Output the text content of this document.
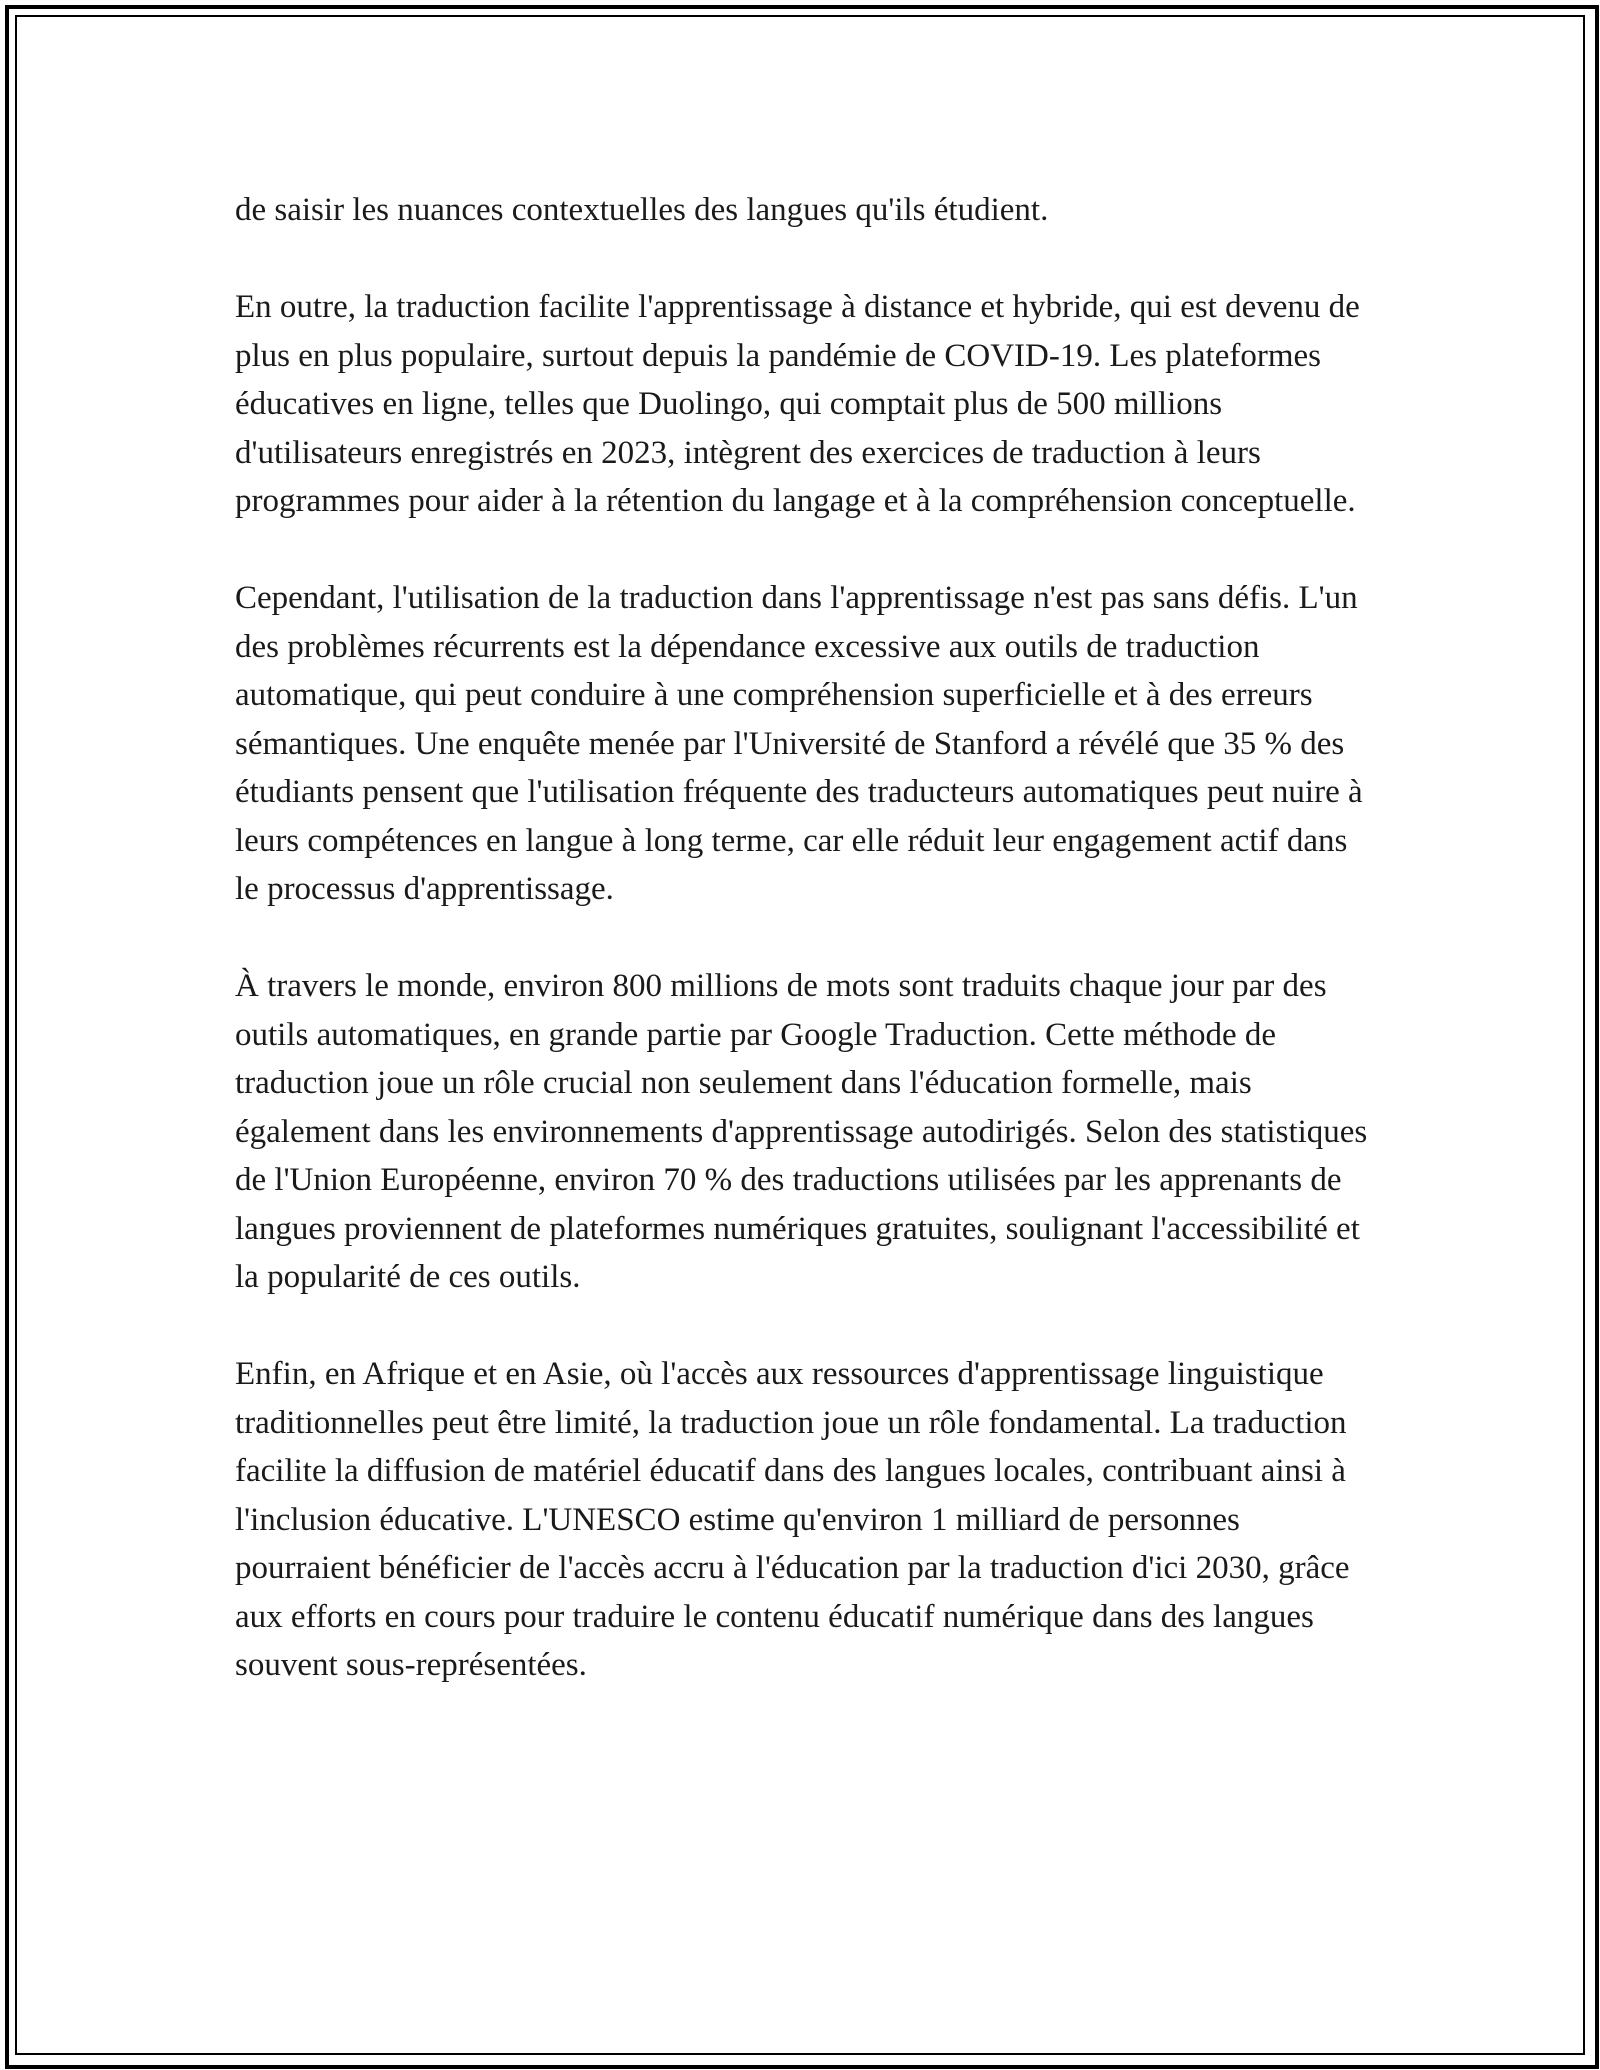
de saisir les nuances contextuelles des langues qu'ils étudient.

En outre, la traduction facilite l'apprentissage à distance et hybride, qui est devenu de plus en plus populaire, surtout depuis la pandémie de COVID-19. Les plateformes éducatives en ligne, telles que Duolingo, qui comptait plus de 500 millions d'utilisateurs enregistrés en 2023, intègrent des exercices de traduction à leurs programmes pour aider à la rétention du langage et à la compréhension conceptuelle.

Cependant, l'utilisation de la traduction dans l'apprentissage n'est pas sans défis. L'un des problèmes récurrents est la dépendance excessive aux outils de traduction automatique, qui peut conduire à une compréhension superficielle et à des erreurs sémantiques. Une enquête menée par l'Université de Stanford a révélé que 35 % des étudiants pensent que l'utilisation fréquente des traducteurs automatiques peut nuire à leurs compétences en langue à long terme, car elle réduit leur engagement actif dans le processus d'apprentissage.

À travers le monde, environ 800 millions de mots sont traduits chaque jour par des outils automatiques, en grande partie par Google Traduction. Cette méthode de traduction joue un rôle crucial non seulement dans l'éducation formelle, mais également dans les environnements d'apprentissage autodirigés. Selon des statistiques de l'Union Européenne, environ 70 % des traductions utilisées par les apprenants de langues proviennent de plateformes numériques gratuites, soulignant l'accessibilité et la popularité de ces outils.

Enfin, en Afrique et en Asie, où l'accès aux ressources d'apprentissage linguistique traditionnelles peut être limité, la traduction joue un rôle fondamental. La traduction facilite la diffusion de matériel éducatif dans des langues locales, contribuant ainsi à l'inclusion éducative. L'UNESCO estime qu'environ 1 milliard de personnes pourraient bénéficier de l'accès accru à l'éducation par la traduction d'ici 2030, grâce aux efforts en cours pour traduire le contenu éducatif numérique dans des langues souvent sous-représentées.
